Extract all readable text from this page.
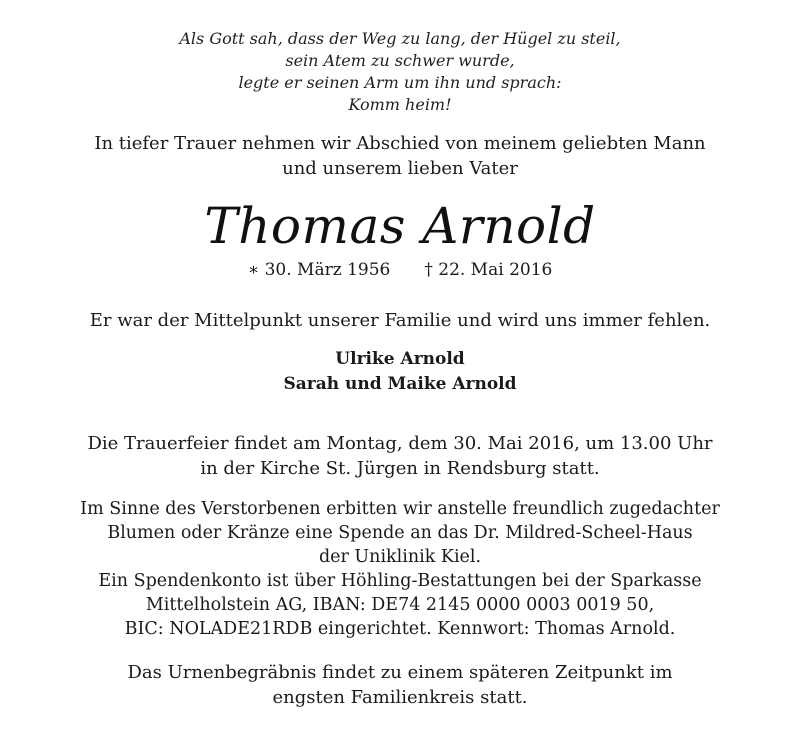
Als Gott sah, dass der Weg zu lang, der Hügel zu steil,
sein Atem zu schwer wurde,
legte er seinen Arm um ihn und sprach:
Komm heim!
In tiefer Trauer nehmen wir Abschied von meinem geliebten Mann
und unserem lieben Vater
Thomas Arnold
∗ 30. März 1956 † 22. Mai 2016
Er war der Mittelpunkt unserer Familie und wird uns immer fehlen.
Ulrike Arnold
Sarah und Maike Arnold
Die Trauerfeier findet am Montag, dem 30. Mai 2016, um 13.00 Uhr
in der Kirche St. Jürgen in Rendsburg statt.
Im Sinne des Verstorbenen erbitten wir anstelle freundlich zugedachter
Blumen oder Kränze eine Spende an das Dr. Mildred-Scheel-Haus
der Uniklinik Kiel.
Ein Spendenkonto ist über Höhling-Bestattungen bei der Sparkasse
Mittelholstein AG, IBAN: DE74 2145 0000 0003 0019 50,
BIC: NOLADE21RDB eingerichtet. Kennwort: Thomas Arnold.
Das Urnenbegräbnis findet zu einem späteren Zeitpunkt im
engsten Familienkreis statt.
